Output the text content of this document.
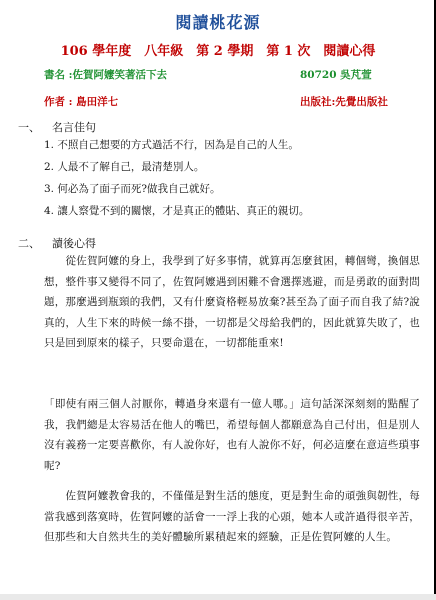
閱讀桃花源
106 學年度　八年級　第 2 學期　第 1 次　閱讀心得
書名 :佐賀阿嬤笑著活下去	80720 吳芃萱
作者 : 島田洋七	出版社:先覺出版社
一、 名言佳句
1. 不照自己想要的方式過活不行，因為是自己的人生。
2. 人最不了解自己，最清楚別人。
3. 何必為了面子而死?做我自己就好。
4. 讓人察覺不到的關懷，才是真正的體貼、真正的親切。
二、 讀後心得
　　從佐賀阿嬤的身上，我學到了好多事情，就算再怎麼貧困，轉個彎，換個思想，整件事又變得不同了，佐賀阿嬤遇到困難不會選擇逃避，而是勇敢的面對問題，那麼遇到瓶頸的我們，又有什麼資格輕易放棄?甚至為了面子而自我了結?說真的，人生下來的時候一絲不掛，一切都是父母給我們的，因此就算失敗了，也只是回到原來的樣子，只要命還在，一切都能重來!
「即使有兩三個人討厭你，轉過身來還有一億人哪。」這句話深深刻刻的點醒了我，我們總是太容易活在他人的嘴巴，希望每個人都願意為自己付出，但是別人沒有義務一定要喜歡你，有人說你好，也有人說你不好，何必這麼在意這些瑣事呢?
　　佐賀阿嬤教會我的，不僅僅是對生活的態度，更是對生命的頑強與韌性，每當我感到落寞時，佐賀阿嬤的話會一一浮上我的心頭，她本人或許過得很辛苦，但那些和大自然共生的美好體驗所累積起來的經驗，正是佐賀阿嬤的人生。
